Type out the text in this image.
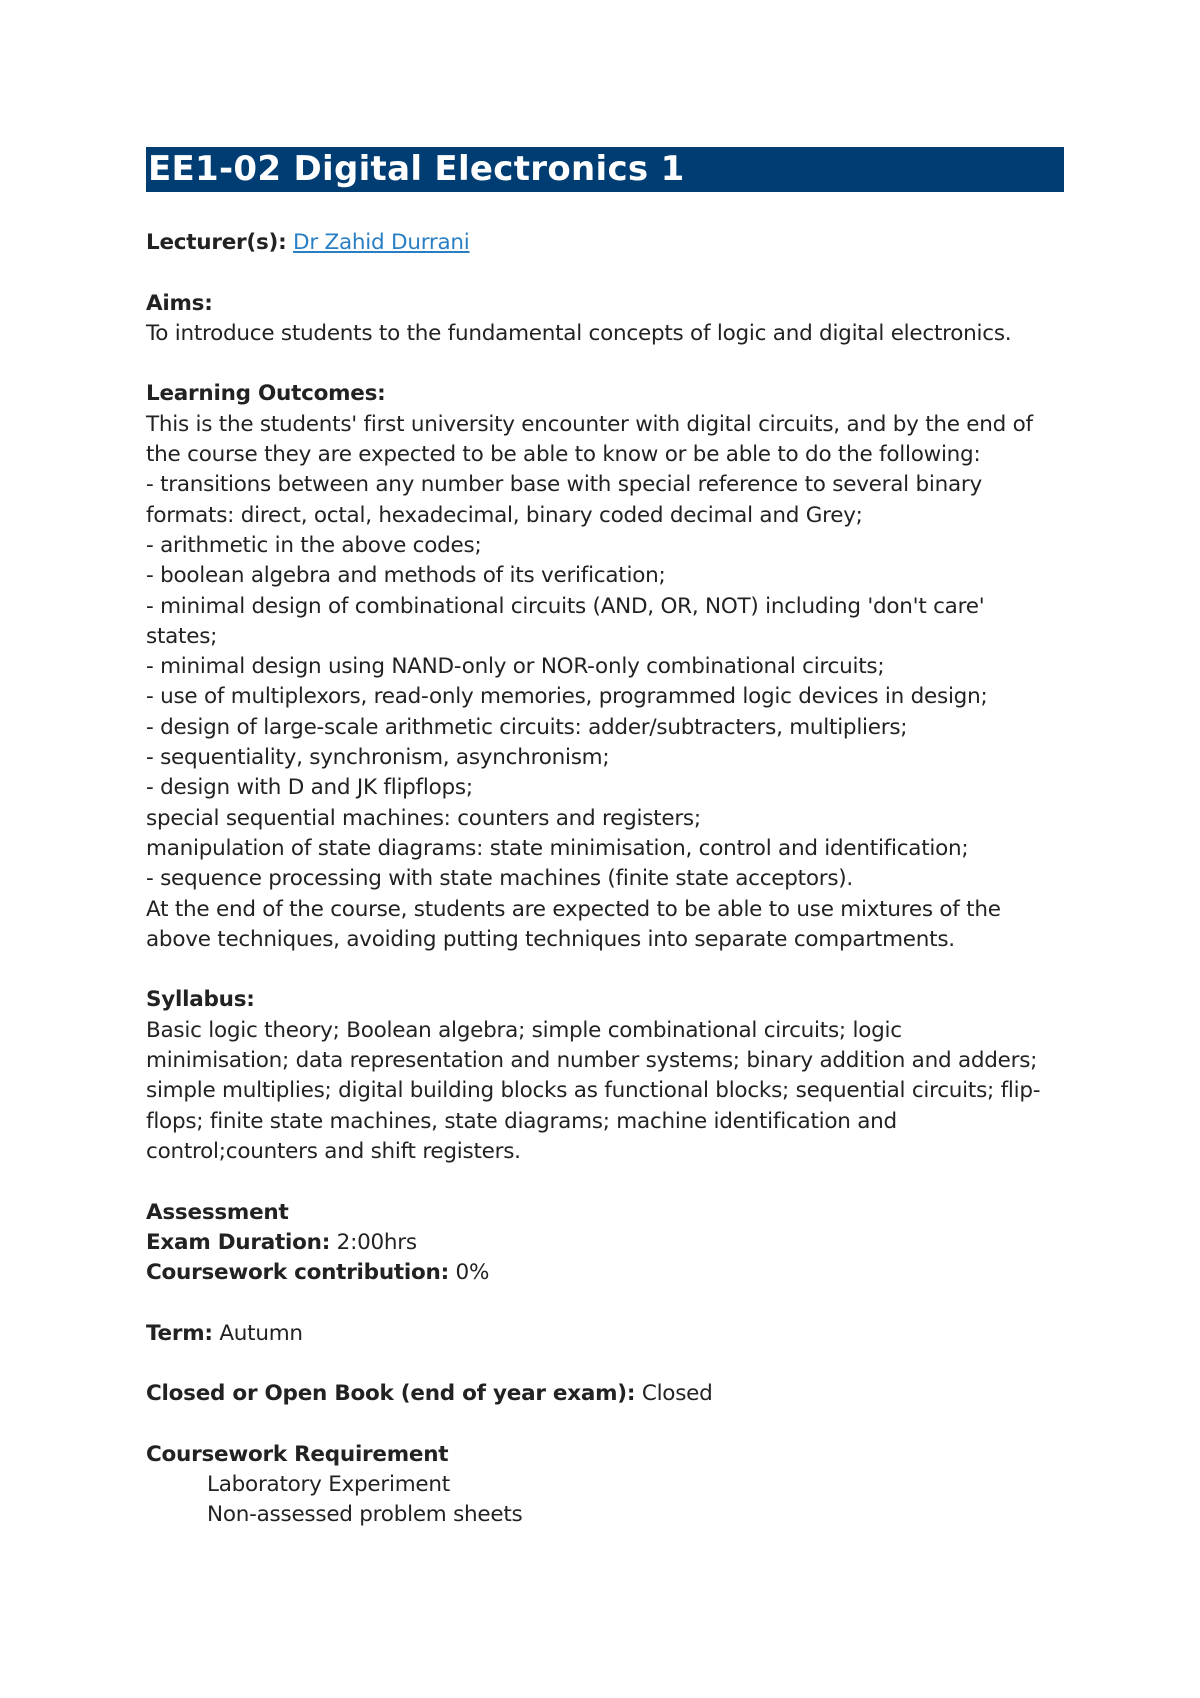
EE1-02 Digital Electronics 1

Lecturer(s): Dr Zahid Durrani

Aims:

To introduce students to the fundamental concepts of logic and digital electronics.

Learning Outcomes:

This is the students' first university encounter with digital circuits, and by the end of

the course they are expected to be able to know or be able to do the following:

- transitions between any number base with special reference to several binary

formats: direct, octal, hexadecimal, binary coded decimal and Grey;

- arithmetic in the above codes;

- boolean algebra and methods of its verification;

- minimal design of combinational circuits (AND, OR, NOT) including 'don't care'

states;

- minimal design using NAND-only or NOR-only combinational circuits;

- use of multiplexors, read-only memories, programmed logic devices in design;

- design of large-scale arithmetic circuits: adder/subtracters, multipliers;

- sequentiality, synchronism, asynchronism;

- design with D and JK flipflops;

special sequential machines: counters and registers;

manipulation of state diagrams: state minimisation, control and identification;

- sequence processing with state machines (finite state acceptors).

At the end of the course, students are expected to be able to use mixtures of the

above techniques, avoiding putting techniques into separate compartments.

Syllabus:

Basic logic theory; Boolean algebra; simple combinational circuits; logic

minimisation; data representation and number systems; binary addition and adders;

simple multiplies; digital building blocks as functional blocks; sequential circuits; flip-

flops; finite state machines, state diagrams; machine identification and

control;counters and shift registers.

Assessment

Exam Duration: 2:00hrs

Coursework contribution: 0%

Term: Autumn

Closed or Open Book (end of year exam): Closed

Coursework Requirement

Laboratory Experiment

Non-assessed problem sheets
